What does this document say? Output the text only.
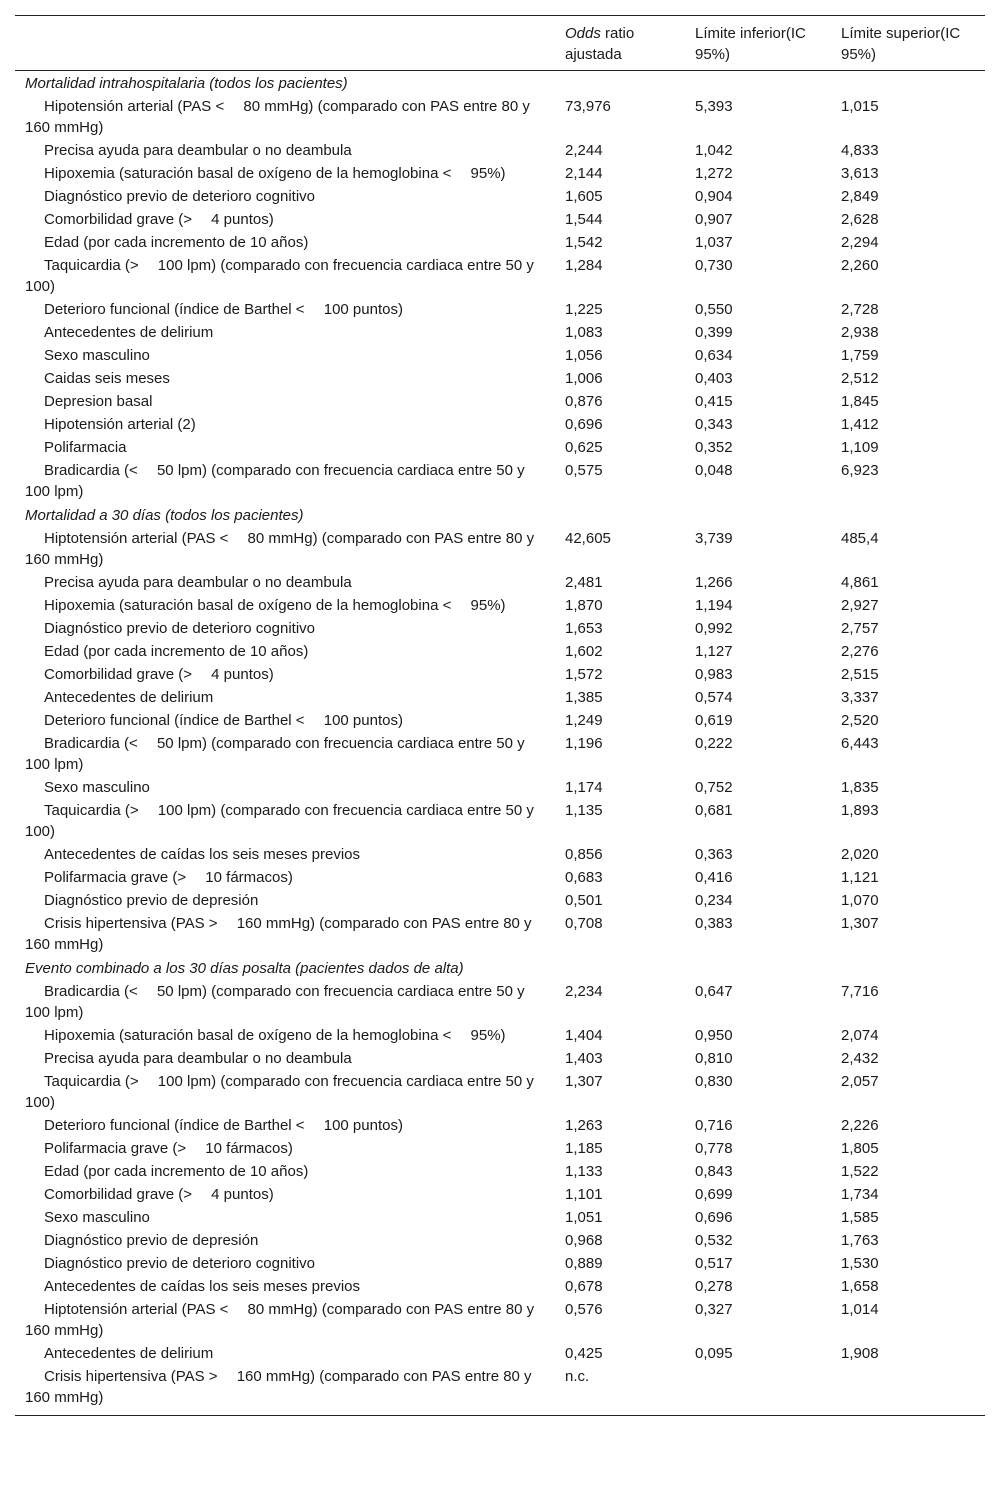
	Odds ratio ajustada	Límite inferior(IC 95%)	Límite superior(IC 95%)
Mortalidad intrahospitalaria (todos los pacientes)			
Hipotensión arterial (PAS <  80 mmHg) (comparado con PAS entre 80 y 160 mmHg)	73,976	5,393	1,015
Precisa ayuda para deambular o no deambula	2,244	1,042	4,833
Hipoxemia (saturación basal de oxígeno de la hemoglobina <  95%)	2,144	1,272	3,613
Diagnóstico previo de deterioro cognitivo	1,605	0,904	2,849
Comorbilidad grave (>  4 puntos)	1,544	0,907	2,628
Edad (por cada incremento de 10 años)	1,542	1,037	2,294
Taquicardia (>  100 lpm) (comparado con frecuencia cardiaca entre 50 y 100)	1,284	0,730	2,260
Deterioro funcional (índice de Barthel <  100 puntos)	1,225	0,550	2,728
Antecedentes de delirium	1,083	0,399	2,938
Sexo masculino	1,056	0,634	1,759
Caidas seis meses	1,006	0,403	2,512
Depresion basal	0,876	0,415	1,845
Hipotensión arterial (2)	0,696	0,343	1,412
Polifarmacia	0,625	0,352	1,109
Bradicardia (<  50 lpm) (comparado con frecuencia cardiaca entre 50 y 100 lpm)	0,575	0,048	6,923
Mortalidad a 30 días (todos los pacientes)			
Hiptotensión arterial (PAS <  80 mmHg) (comparado con PAS entre 80 y 160 mmHg)	42,605	3,739	485,4
Precisa ayuda para deambular o no deambula	2,481	1,266	4,861
Hipoxemia (saturación basal de oxígeno de la hemoglobina <  95%)	1,870	1,194	2,927
Diagnóstico previo de deterioro cognitivo	1,653	0,992	2,757
Edad (por cada incremento de 10 años)	1,602	1,127	2,276
Comorbilidad grave (>  4 puntos)	1,572	0,983	2,515
Antecedentes de delirium	1,385	0,574	3,337
Deterioro funcional (índice de Barthel <  100 puntos)	1,249	0,619	2,520
Bradicardia (<  50 lpm) (comparado con frecuencia cardiaca entre 50 y 100 lpm)	1,196	0,222	6,443
Sexo masculino	1,174	0,752	1,835
Taquicardia (>  100 lpm) (comparado con frecuencia cardiaca entre 50 y 100)	1,135	0,681	1,893
Antecedentes de caídas los seis meses previos	0,856	0,363	2,020
Polifarmacia grave (>  10 fármacos)	0,683	0,416	1,121
Diagnóstico previo de depresión	0,501	0,234	1,070
Crisis hipertensiva (PAS >  160 mmHg) (comparado con PAS entre 80 y 160 mmHg)	0,708	0,383	1,307
Evento combinado a los 30 días posalta (pacientes dados de alta)			
Bradicardia (<  50 lpm) (comparado con frecuencia cardiaca entre 50 y 100 lpm)	2,234	0,647	7,716
Hipoxemia (saturación basal de oxígeno de la hemoglobina <  95%)	1,404	0,950	2,074
Precisa ayuda para deambular o no deambula	1,403	0,810	2,432
Taquicardia (>  100 lpm) (comparado con frecuencia cardiaca entre 50 y 100)	1,307	0,830	2,057
Deterioro funcional (índice de Barthel <  100 puntos)	1,263	0,716	2,226
Polifarmacia grave (>  10 fármacos)	1,185	0,778	1,805
Edad (por cada incremento de 10 años)	1,133	0,843	1,522
Comorbilidad grave (>  4 puntos)	1,101	0,699	1,734
Sexo masculino	1,051	0,696	1,585
Diagnóstico previo de depresión	0,968	0,532	1,763
Diagnóstico previo de deterioro cognitivo	0,889	0,517	1,530
Antecedentes de caídas los seis meses previos	0,678	0,278	1,658
Hiptotensión arterial (PAS <  80 mmHg) (comparado con PAS entre 80 y 160 mmHg)	0,576	0,327	1,014
Antecedentes de delirium	0,425	0,095	1,908
Crisis hipertensiva (PAS >  160 mmHg) (comparado con PAS entre 80 y 160 mmHg)	n.c.		
